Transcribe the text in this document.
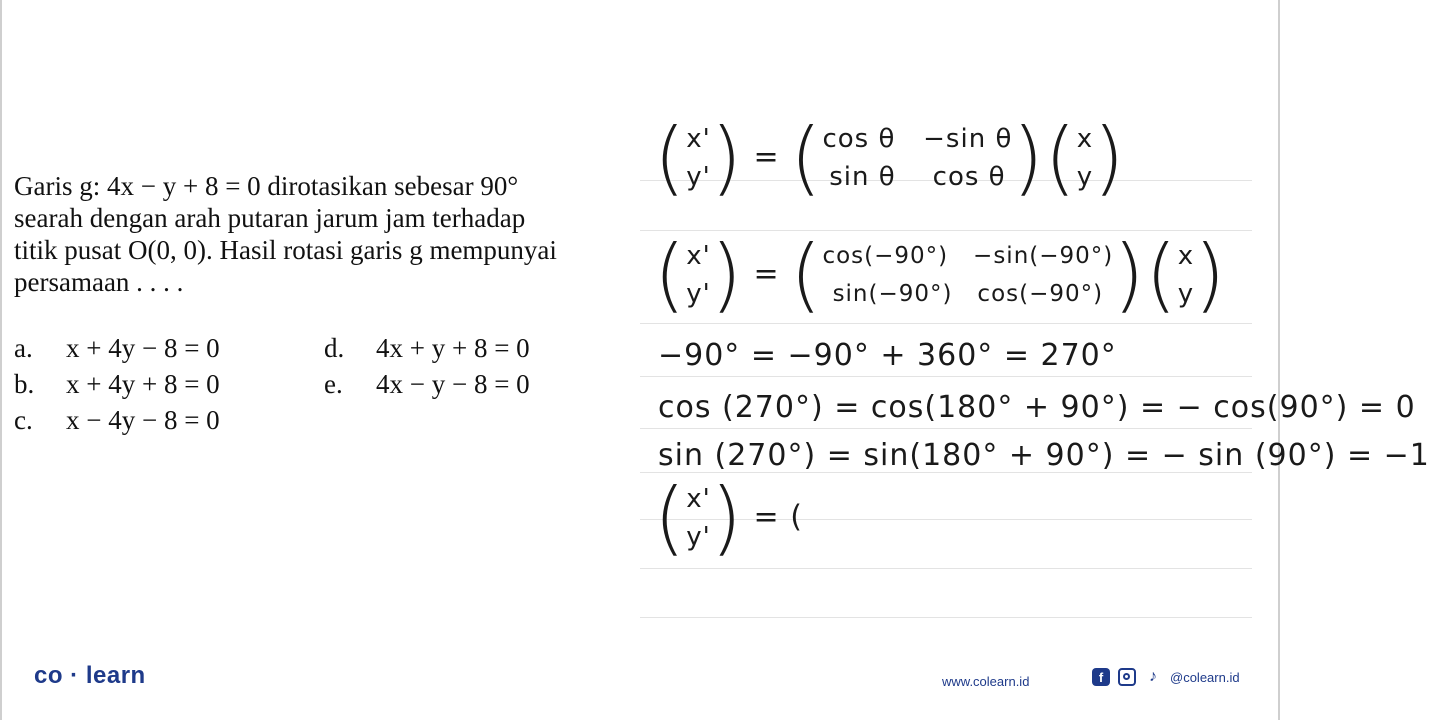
Garis g: 4x − y + 8 = 0 dirotasikan sebesar 90°
searah dengan arah putaran jarum jam terhadap
titik pusat O(0, 0). Hasil rotasi garis g mempunyai
persamaan . . . .
a. x + 4y − 8 = 0
b. x + 4y + 8 = 0
c. x − 4y − 8 = 0
d. 4x + y + 8 = 0
e. 4x − y − 8 = 0
( x'
y' ) = ( cos θ   −sin θ
sin θ    cos θ )( x
y )
( x'
y' ) = ( cos(−90°)   −sin(−90°)
sin(−90°)   cos(−90°) )( x
y )
−90° = −90° + 360° = 270°
cos (270°) = cos(180° + 90°) = − cos(90°) = 0
sin (270°) = sin(180° + 90°) = − sin (90°) = −1
( x'
y' ) = (
co · learn	www.colearn.id	f	♪	@colearn.id
